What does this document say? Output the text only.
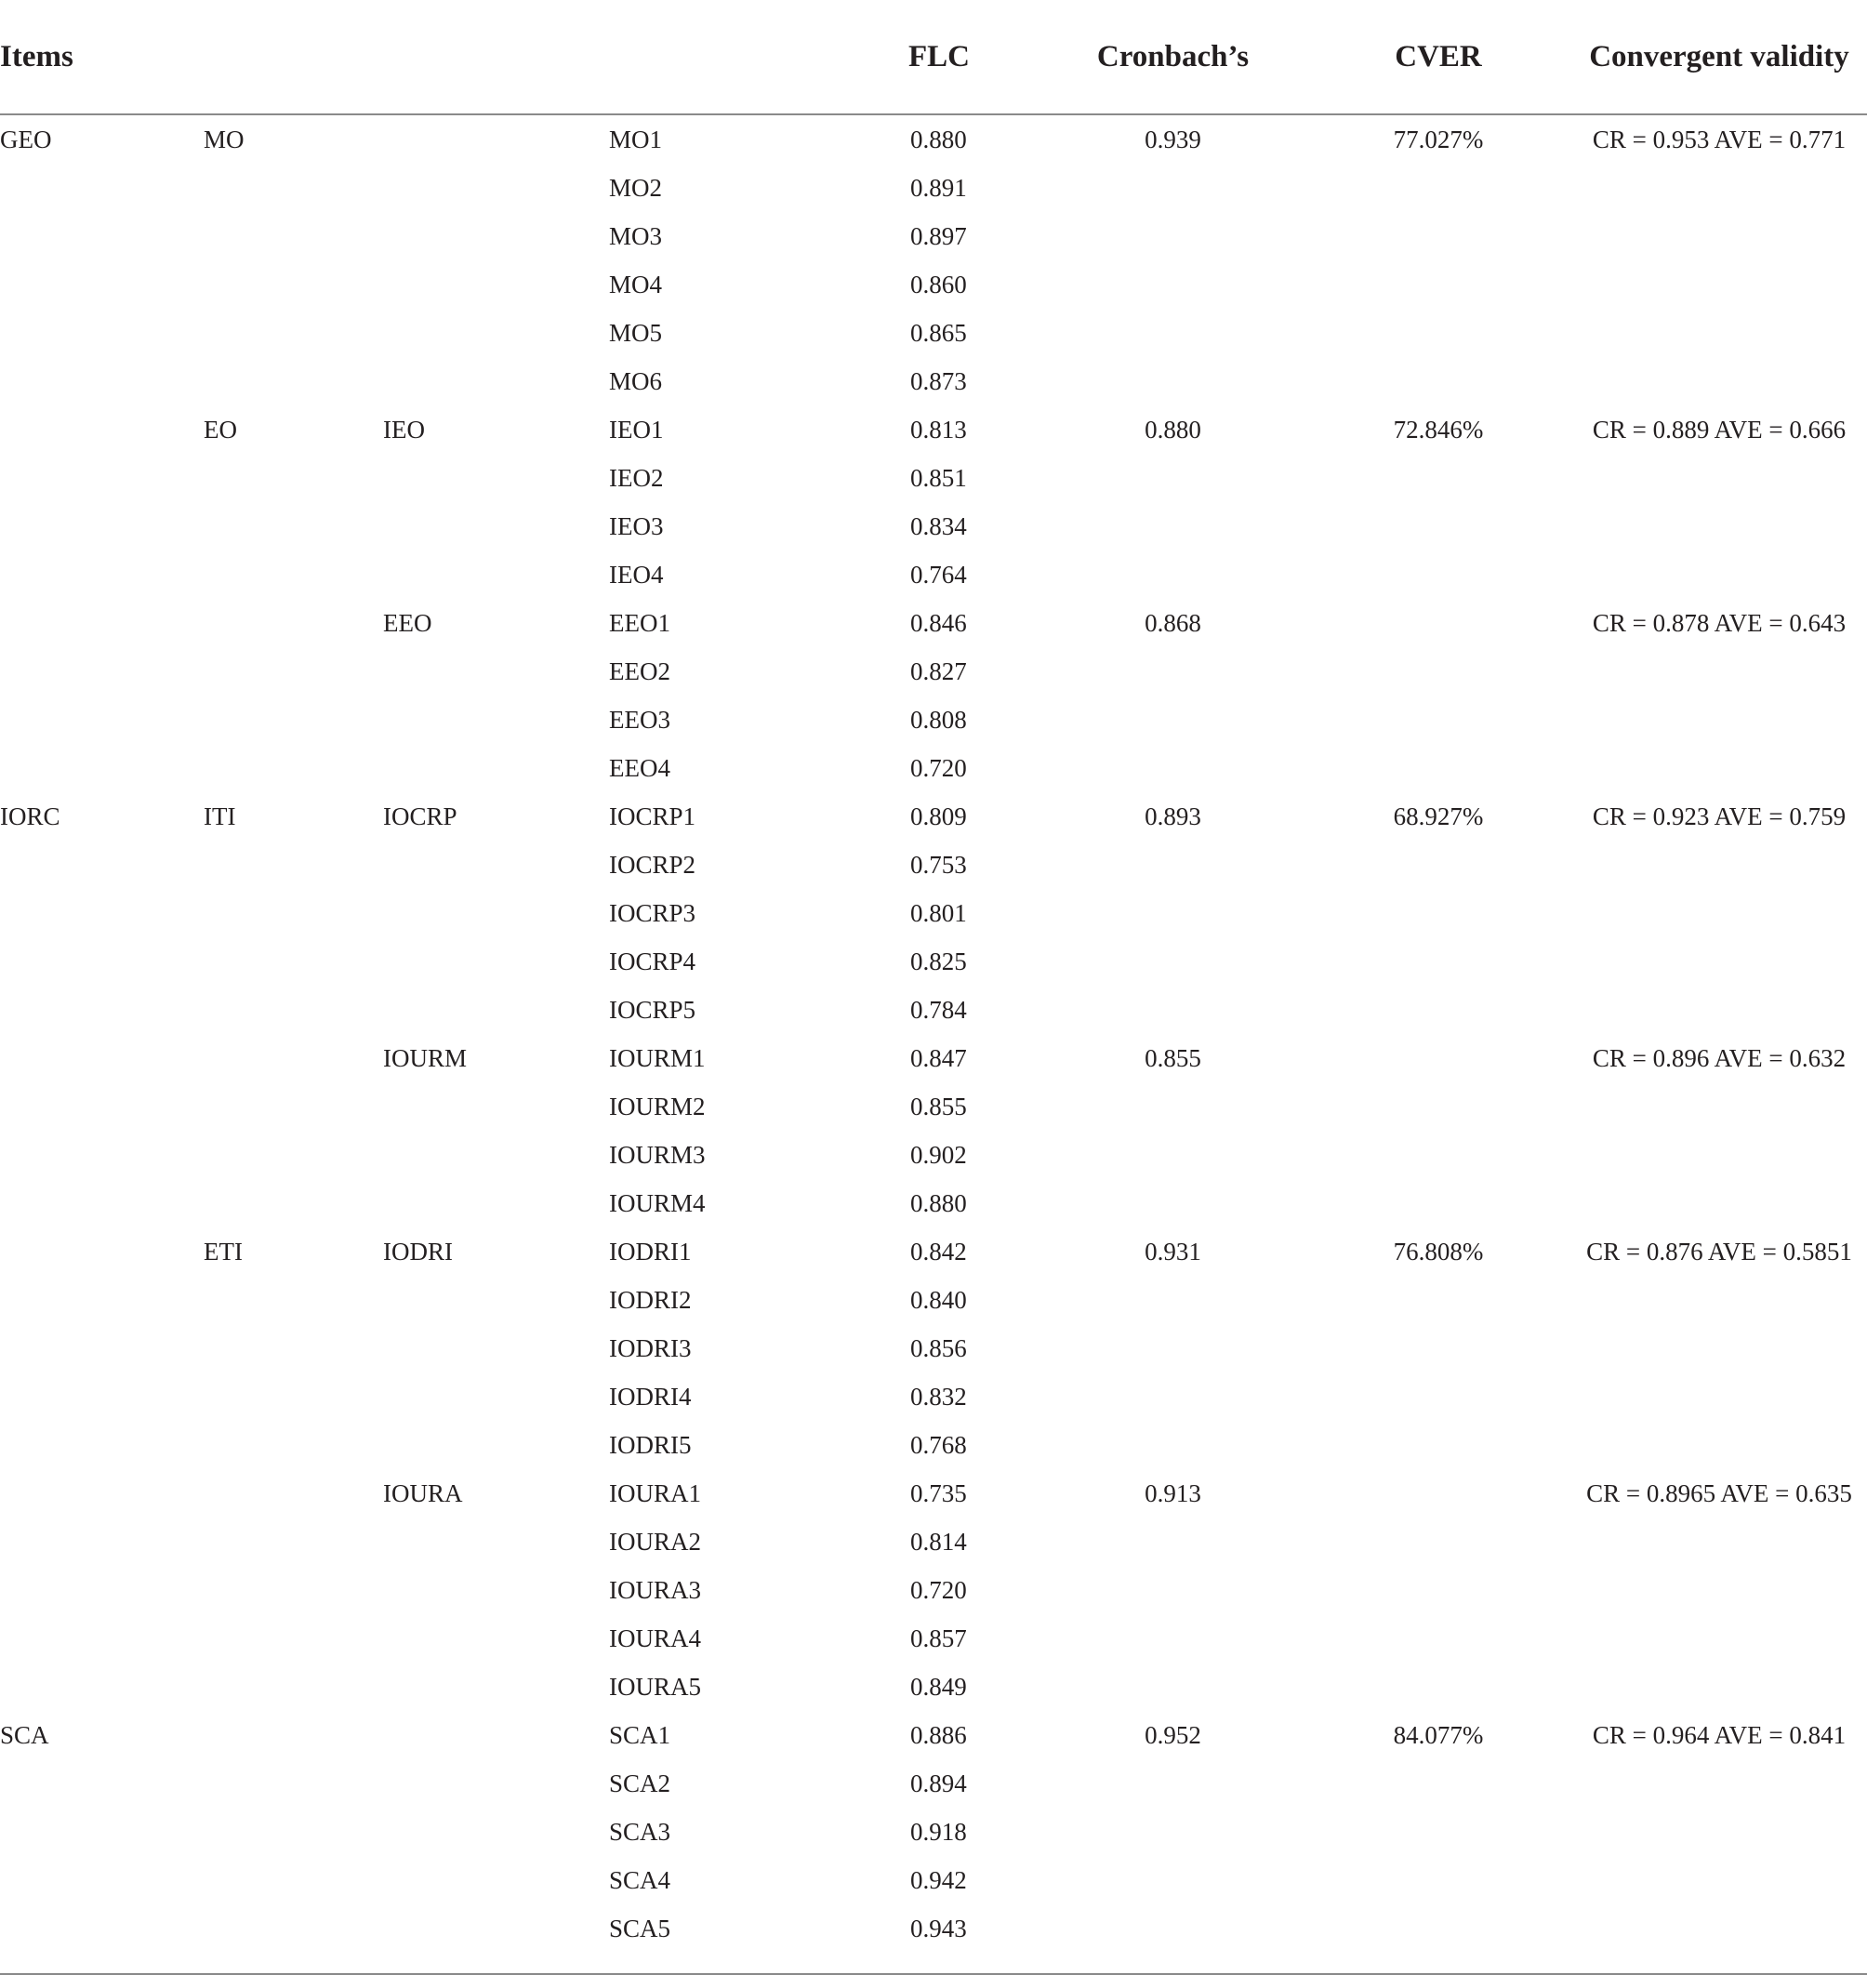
Items				FLC	Cronbach’s	CVER	Convergent validity
GEO	MO		MO1	0.880	0.939	77.027%	CR = 0.953 AVE = 0.771
			MO2	0.891			
			MO3	0.897			
			MO4	0.860			
			MO5	0.865			
			MO6	0.873			
	EO	IEO	IEO1	0.813	0.880	72.846%	CR = 0.889 AVE = 0.666
			IEO2	0.851			
			IEO3	0.834			
			IEO4	0.764			
		EEO	EEO1	0.846	0.868		CR = 0.878 AVE = 0.643
			EEO2	0.827			
			EEO3	0.808			
			EEO4	0.720			
IORC	ITI	IOCRP	IOCRP1	0.809	0.893	68.927%	CR = 0.923 AVE = 0.759
			IOCRP2	0.753			
			IOCRP3	0.801			
			IOCRP4	0.825			
			IOCRP5	0.784			
		IOURM	IOURM1	0.847	0.855		CR = 0.896 AVE = 0.632
			IOURM2	0.855			
			IOURM3	0.902			
			IOURM4	0.880			
	ETI	IODRI	IODRI1	0.842	0.931	76.808%	CR = 0.876 AVE = 0.5851
			IODRI2	0.840			
			IODRI3	0.856			
			IODRI4	0.832			
			IODRI5	0.768			
		IOURA	IOURA1	0.735	0.913		CR = 0.8965 AVE = 0.635
			IOURA2	0.814			
			IOURA3	0.720			
			IOURA4	0.857			
			IOURA5	0.849			
SCA			SCA1	0.886	0.952	84.077%	CR = 0.964 AVE = 0.841
			SCA2	0.894			
			SCA3	0.918			
			SCA4	0.942			
			SCA5	0.943			
